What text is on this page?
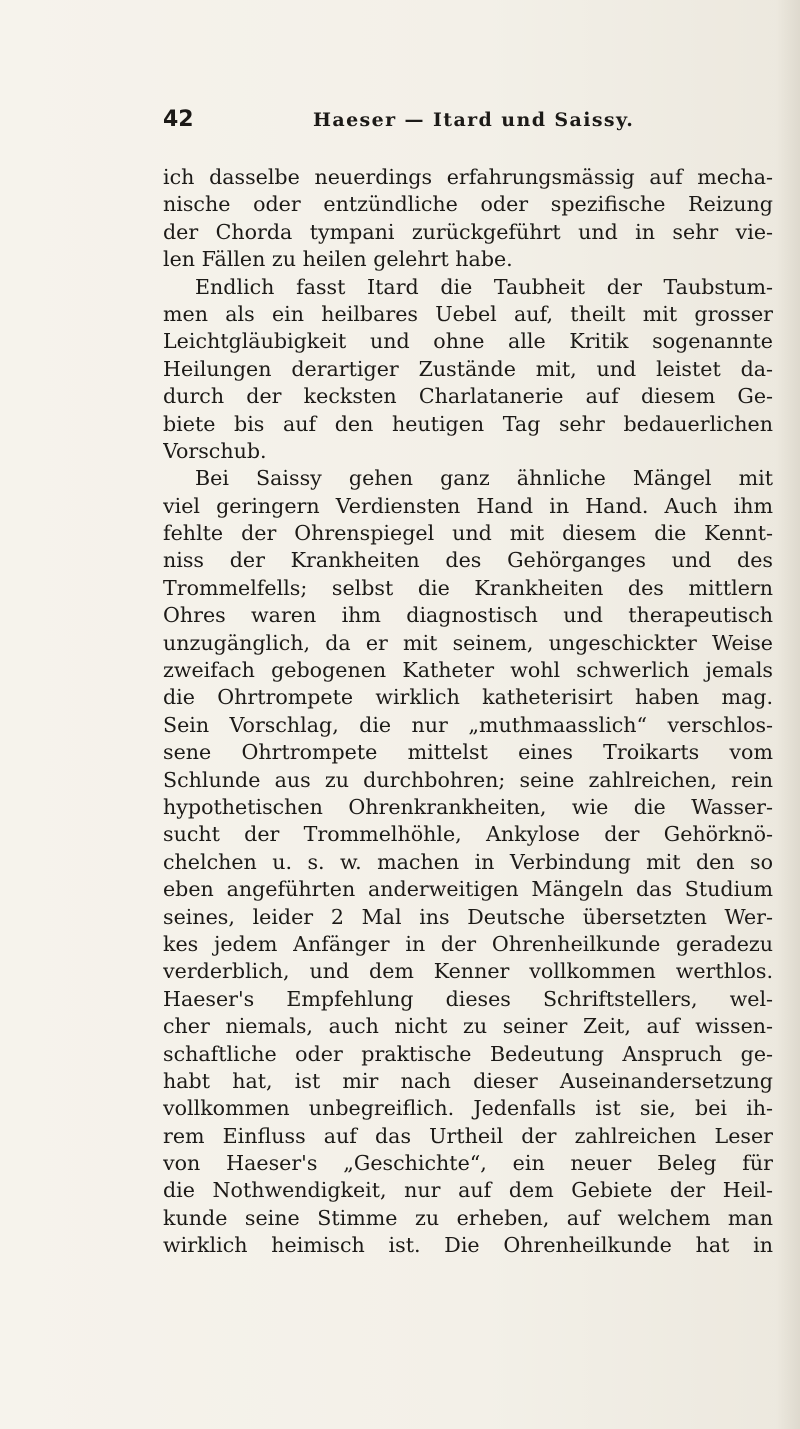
42	Haeser — Itard und Saissy.
ich dasselbe neuerdings erfahrungsmässig auf mecha-
nische oder entzündliche oder spezifische Reizung
der Chorda tympani zurückgeführt und in sehr vie-
len Fällen zu heilen gelehrt habe.
Endlich fasst Itard die Taubheit der Taubstum-
men als ein heilbares Uebel auf, theilt mit grosser
Leichtgläubigkeit und ohne alle Kritik sogenannte
Heilungen derartiger Zustände mit, und leistet da-
durch der kecksten Charlatanerie auf diesem Ge-
biete bis auf den heutigen Tag sehr bedauerlichen
Vorschub.
Bei Saissy gehen ganz ähnliche Mängel mit
viel geringern Verdiensten Hand in Hand. Auch ihm
fehlte der Ohrenspiegel und mit diesem die Kennt-
niss der Krankheiten des Gehörganges und des
Trommelfells; selbst die Krankheiten des mittlern
Ohres waren ihm diagnostisch und therapeutisch
unzugänglich, da er mit seinem, ungeschickter Weise
zweifach gebogenen Katheter wohl schwerlich jemals
die Ohrtrompete wirklich katheterisirt haben mag.
Sein Vorschlag, die nur „muthmaasslich“ verschlos-
sene Ohrtrompete mittelst eines Troikarts vom
Schlunde aus zu durchbohren; seine zahlreichen, rein
hypothetischen Ohrenkrankheiten, wie die Wasser-
sucht der Trommelhöhle, Ankylose der Gehörknö-
chelchen u. s. w. machen in Verbindung mit den so
eben angeführten anderweitigen Mängeln das Studium
seines, leider 2 Mal ins Deutsche übersetzten Wer-
kes jedem Anfänger in der Ohrenheilkunde geradezu
verderblich, und dem Kenner vollkommen werthlos.
Haeser's Empfehlung dieses Schriftstellers, wel-
cher niemals, auch nicht zu seiner Zeit, auf wissen-
schaftliche oder praktische Bedeutung Anspruch ge-
habt hat, ist mir nach dieser Auseinandersetzung
vollkommen unbegreiflich. Jedenfalls ist sie, bei ih-
rem Einfluss auf das Urtheil der zahlreichen Leser
von Haeser's „Geschichte“, ein neuer Beleg für
die Nothwendigkeit, nur auf dem Gebiete der Heil-
kunde seine Stimme zu erheben, auf welchem man
wirklich heimisch ist. Die Ohrenheilkunde hat in
